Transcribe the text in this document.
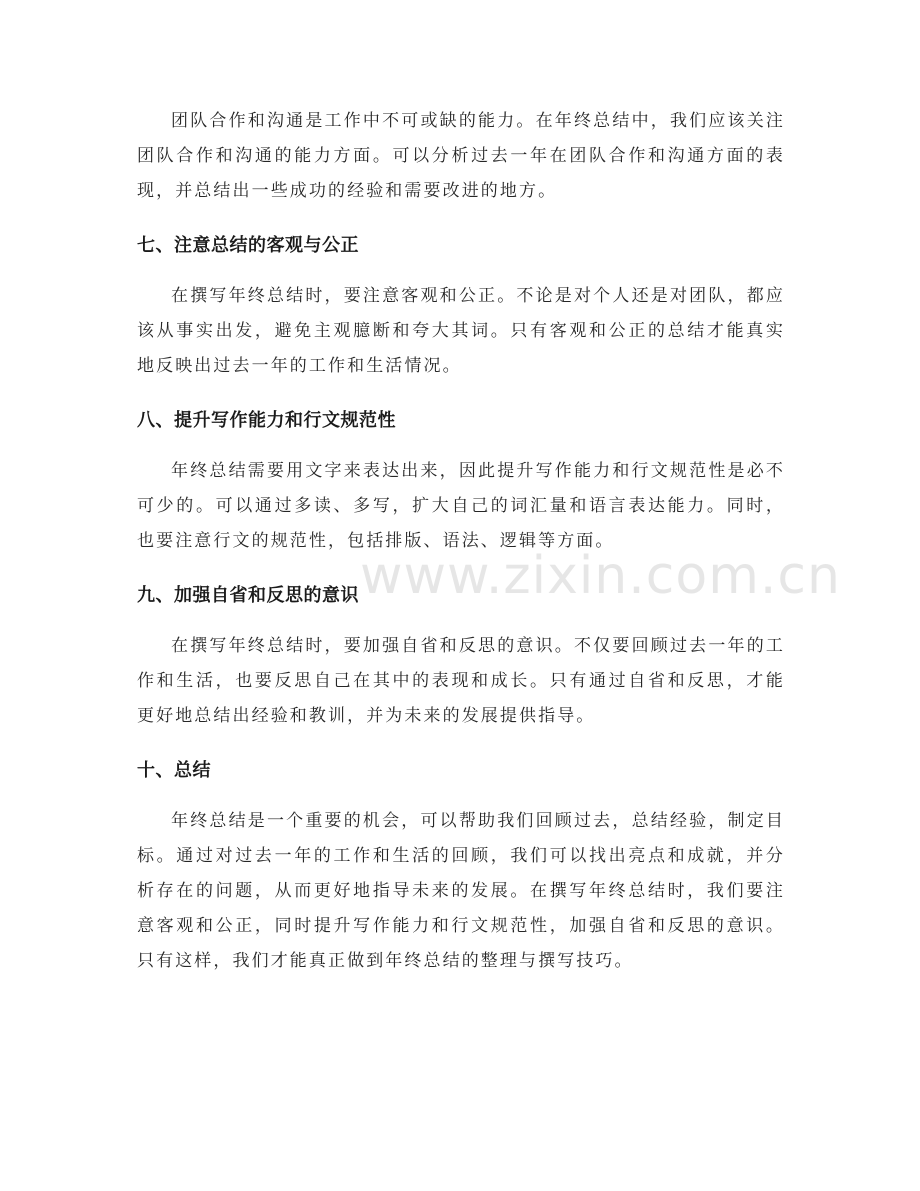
www.zixin.com.cn

团队合作和沟通是工作中不可或缺的能力。在年终总结中，我们应该关注团队合作和沟通的能力方面。可以分析过去一年在团队合作和沟通方面的表现，并总结出一些成功的经验和需要改进的地方。

七、注意总结的客观与公正

在撰写年终总结时，要注意客观和公正。不论是对个人还是对团队，都应该从事实出发，避免主观臆断和夸大其词。只有客观和公正的总结才能真实地反映出过去一年的工作和生活情况。

八、提升写作能力和行文规范性

年终总结需要用文字来表达出来，因此提升写作能力和行文规范性是必不可少的。可以通过多读、多写，扩大自己的词汇量和语言表达能力。同时，也要注意行文的规范性，包括排版、语法、逻辑等方面。

九、加强自省和反思的意识

在撰写年终总结时，要加强自省和反思的意识。不仅要回顾过去一年的工作和生活，也要反思自己在其中的表现和成长。只有通过自省和反思，才能更好地总结出经验和教训，并为未来的发展提供指导。

十、总结

年终总结是一个重要的机会，可以帮助我们回顾过去，总结经验，制定目标。通过对过去一年的工作和生活的回顾，我们可以找出亮点和成就，并分析存在的问题，从而更好地指导未来的发展。在撰写年终总结时，我们要注意客观和公正，同时提升写作能力和行文规范性，加强自省和反思的意识。只有这样，我们才能真正做到年终总结的整理与撰写技巧。
